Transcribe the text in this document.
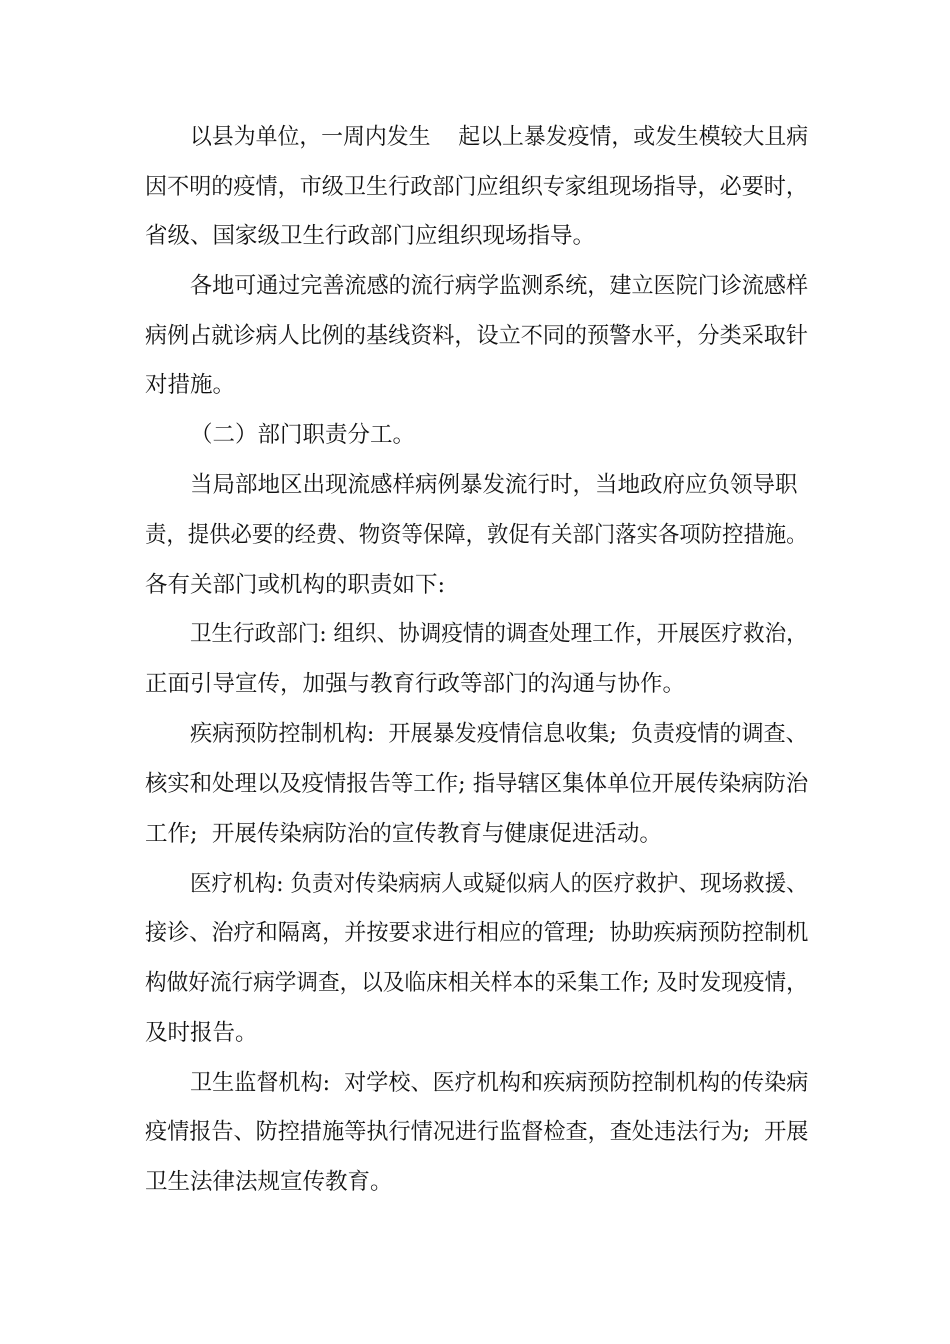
以县为单位，一周内发生    起以上暴发疫情，或发生模较大且病
因不明的疫情，市级卫生行政部门应组织专家组现场指导，必要时，
省级、国家级卫生行政部门应组织现场指导。
各地可通过完善流感的流行病学监测系统，建立医院门诊流感样
病例占就诊病人比例的基线资料，设立不同的预警水平，分类采取针
对措施。
（二）部门职责分工。
当局部地区出现流感样病例暴发流行时，当地政府应负领导职
责，提供必要的经费、物资等保障，敦促有关部门落实各项防控措施。
各有关部门或机构的职责如下:
卫生行政部门: 组织、协调疫情的调查处理工作，开展医疗救治，
正面引导宣传，加强与教育行政等部门的沟通与协作。
疾病预防控制机构:  开展暴发疫情信息收集;  负责疫情的调查、
核实和处理以及疫情报告等工作; 指导辖区集体单位开展传染病防治
工作;  开展传染病防治的宣传教育与健康促进活动。
医疗机构: 负责对传染病病人或疑似病人的医疗救护、现场救援、
接诊、治疗和隔离，并按要求进行相应的管理;  协助疾病预防控制机
构做好流行病学调查，以及临床相关样本的采集工作; 及时发现疫情，
及时报告。
卫生监督机构:  对学校、医疗机构和疾病预防控制机构的传染病
疫情报告、防控措施等执行情况进行监督检查，查处违法行为;  开展
卫生法律法规宣传教育。
